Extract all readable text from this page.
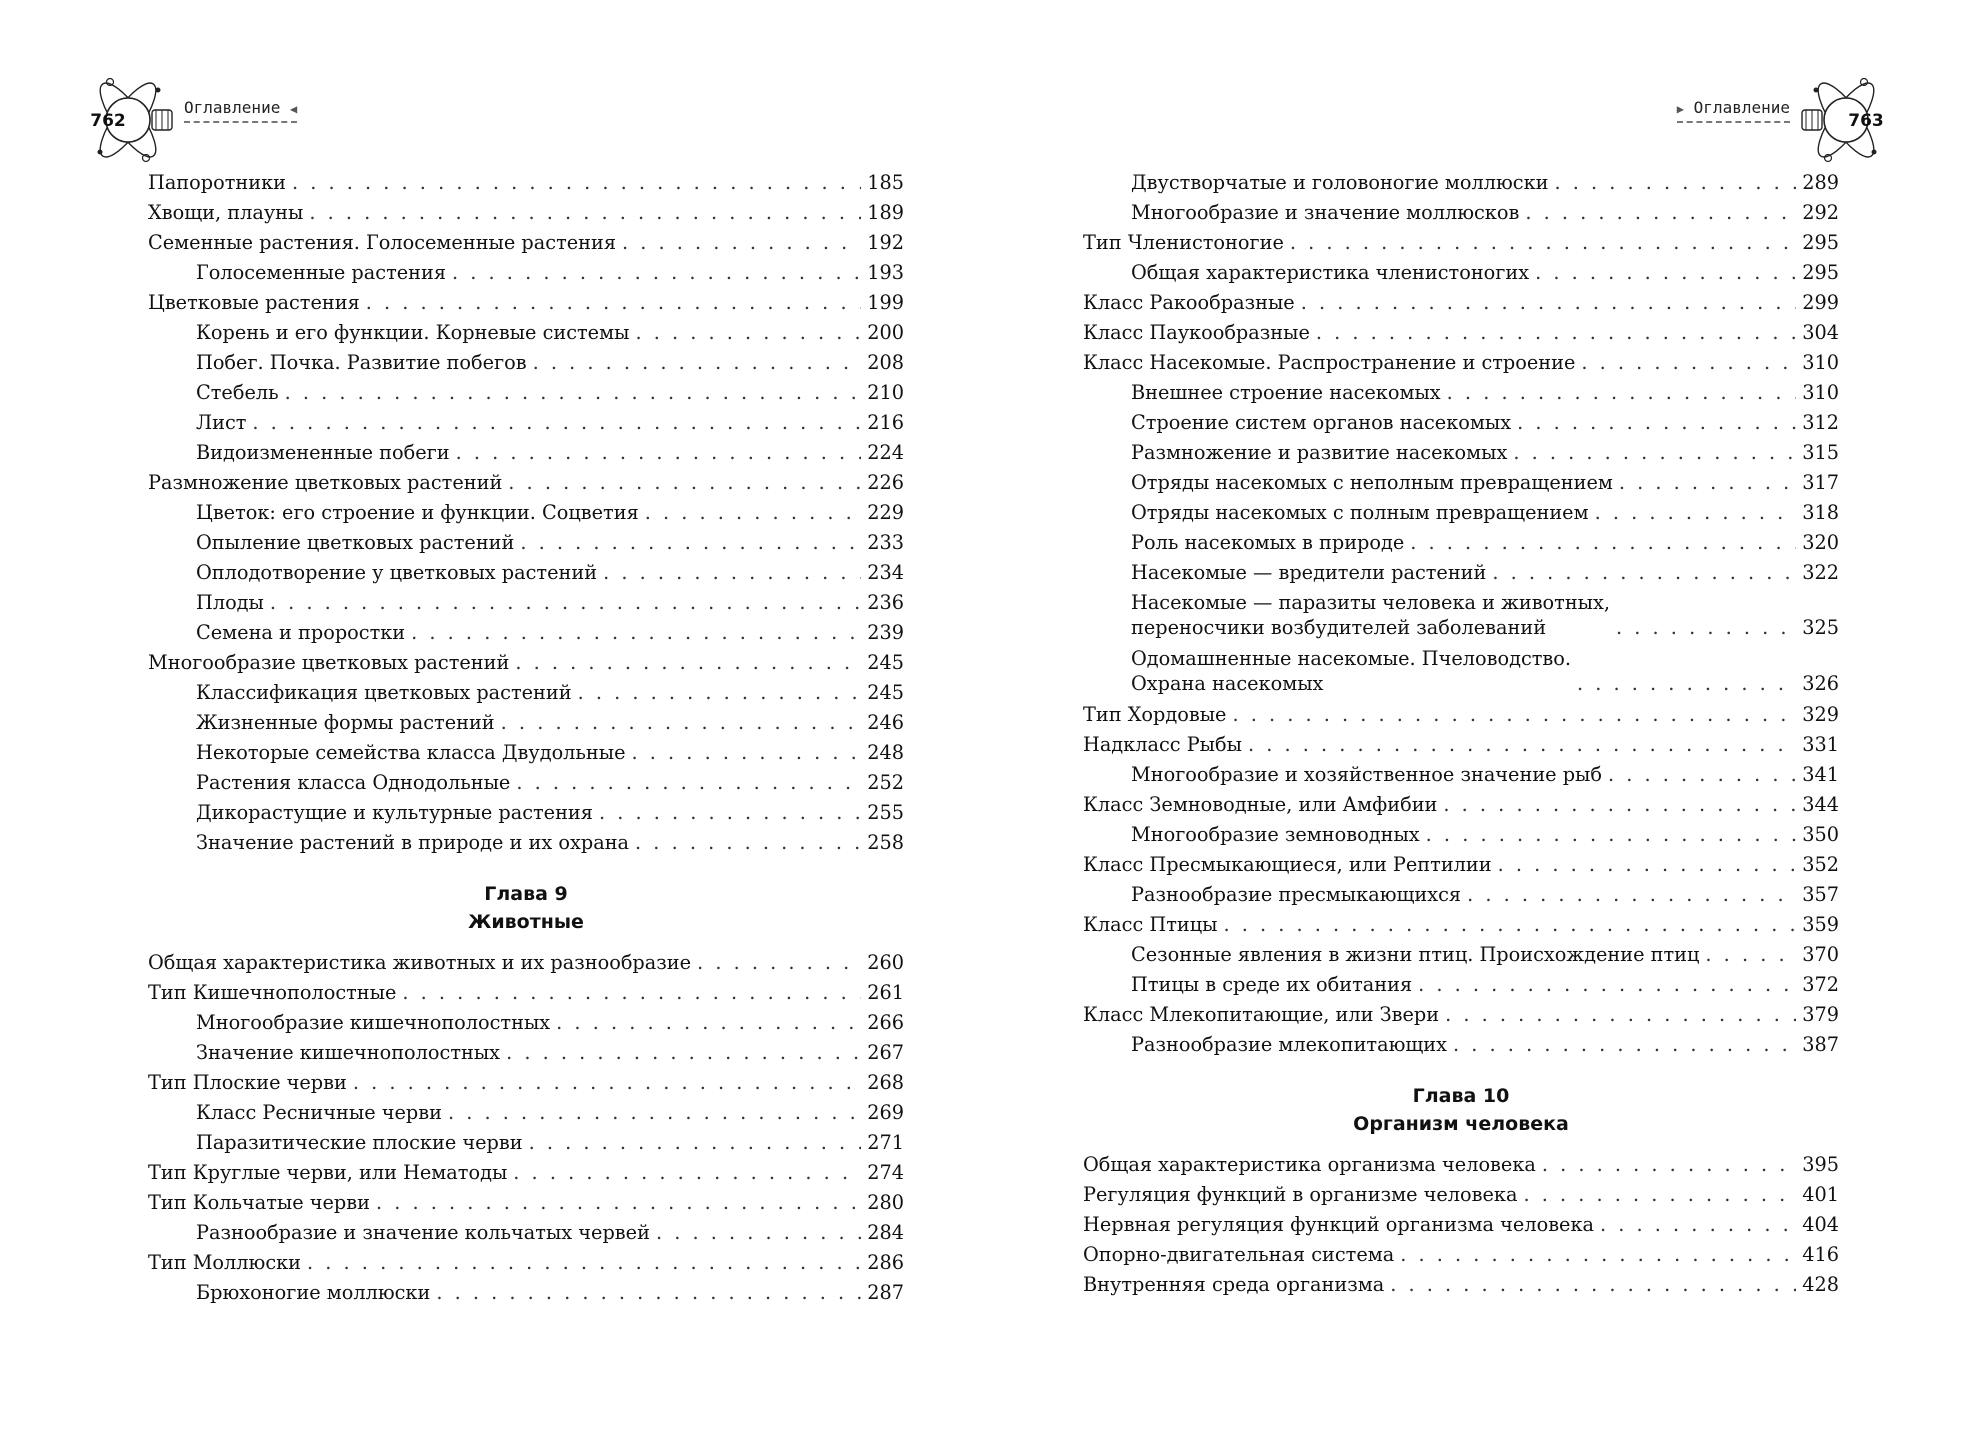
762
Оглавление ◀
Папоротники . . .	185
Хвощи, плауны . . .	189
Семенные растения. Голосеменные растения . . .	192
Голосеменные растения . . .	193
Цветковые растения . . .	199
Корень и его функции. Корневые системы . . .	200
Побег. Почка. Развитие побегов . . .	208
Стебель . . .	210
Лист . . .	216
Видоизмененные побеги . . .	224
Размножение цветковых растений . . .	226
Цветок: его строение и функции. Соцветия . . .	229
Опыление цветковых растений . . .	233
Оплодотворение у цветковых растений . . .	234
Плоды . . .	236
Семена и проростки . . .	239
Многообразие цветковых растений . . .	245
Классификация цветковых растений . . .	245
Жизненные формы растений . . .	246
Некоторые семейства класса Двудольные . . .	248
Растения класса Однодольные . . .	252
Дикорастущие и культурные растения . . .	255
Значение растений в природе и их охрана . . .	258
Глава 9
Животные
Общая характеристика животных и их разнообразие . . .	260
Тип Кишечнополостные . . .	261
Многообразие кишечнополостных . . .	266
Значение кишечнополостных . . .	267
Тип Плоские черви . . .	268
Класс Ресничные черви . . .	269
Паразитические плоские черви . . .	271
Тип Круглые черви, или Нематоды . . .	274
Тип Кольчатые черви . . .	280
Разнообразие и значение кольчатых червей . . .	284
Тип Моллюски . . .	286
Брюхоногие моллюски . . .	287
763
▶ Оглавление
Двустворчатые и головоногие моллюски . . .	289
Многообразие и значение моллюсков . . .	292
Тип Членистоногие . . .	295
Общая характеристика членистоногих . . .	295
Класс Ракообразные . . .	299
Класс Паукообразные . . .	304
Класс Насекомые. Распространение и строение . . .	310
Внешнее строение насекомых . . .	310
Строение систем органов насекомых . . .	312
Размножение и развитие насекомых . . .	315
Отряды насекомых с неполным превращением . . .	317
Отряды насекомых с полным превращением . . .	318
Роль насекомых в природе . . .	320
Насекомые — вредители растений . . .	322
Насекомые — паразиты человека и животных,
переносчики возбудителей заболеваний . . .	325
Одомашненные насекомые. Пчеловодство.
Охрана насекомых . . .	326
Тип Хордовые . . .	329
Надкласс Рыбы . . .	331
Многообразие и хозяйственное значение рыб . . .	341
Класс Земноводные, или Амфибии . . .	344
Многообразие земноводных . . .	350
Класс Пресмыкающиеся, или Рептилии . . .	352
Разнообразие пресмыкающихся . . .	357
Класс Птицы . . .	359
Сезонные явления в жизни птиц. Происхождение птиц . . .	370
Птицы в среде их обитания . . .	372
Класс Млекопитающие, или Звери . . .	379
Разнообразие млекопитающих . . .	387
Глава 10
Организм человека
Общая характеристика организма человека . . .	395
Регуляция функций в организме человека . . .	401
Нервная регуляция функций организма человека . . .	404
Опорно-двигательная система . . .	416
Внутренняя среда организма . . .	428
